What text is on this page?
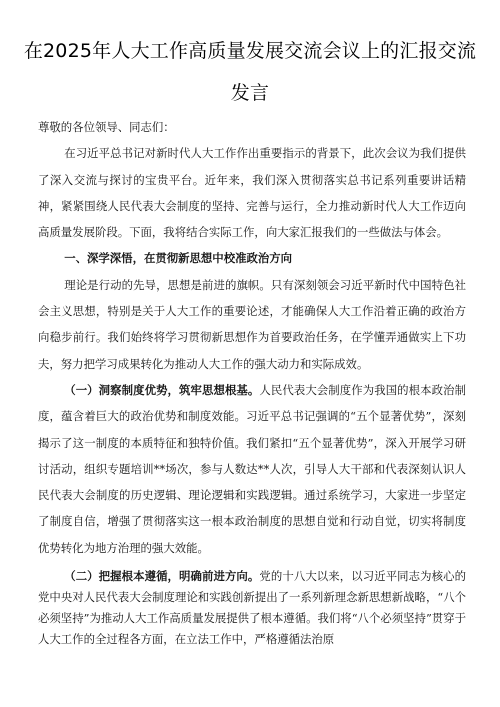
在2025年人大工作高质量发展交流会议上的汇报交流
发言

尊敬的各位领导、同志们：

在习近平总书记对新时代人大工作作出重要指示的背景下，此次会议为我们提供了深入交流与探讨的宝贵平台。近年来，我们深入贯彻落实总书记系列重要讲话精神，紧紧围绕人民代表大会制度的坚持、完善与运行，全力推动新时代人大工作迈向高质量发展阶段。下面，我将结合实际工作，向大家汇报我们的一些做法与体会。

一、深学深悟，在贯彻新思想中校准政治方向

理论是行动的先导，思想是前进的旗帜。只有深刻领会习近平新时代中国特色社会主义思想，特别是关于人大工作的重要论述，才能确保人大工作沿着正确的政治方向稳步前行。我们始终将学习贯彻新思想作为首要政治任务，在学懂弄通做实上下功夫，努力把学习成果转化为推动人大工作的强大动力和实际成效。

（一）洞察制度优势，筑牢思想根基。人民代表大会制度作为我国的根本政治制度，蕴含着巨大的政治优势和制度效能。习近平总书记强调的“五个显著优势”，深刻揭示了这一制度的本质特征和独特价值。我们紧扣“五个显著优势”，深入开展学习研讨活动，组织专题培训**场次，参与人数达**人次，引导人大干部和代表深刻认识人民代表大会制度的历史逻辑、理论逻辑和实践逻辑。通过系统学习，大家进一步坚定了制度自信，增强了贯彻落实这一根本政治制度的思想自觉和行动自觉，切实将制度优势转化为地方治理的强大效能。

（二）把握根本遵循，明确前进方向。党的十八大以来，以习近平同志为核心的党中央对人民代表大会制度理论和实践创新提出了一系列新理念新思想新战略，“八个必须坚持”为推动人大工作高质量发展提供了根本遵循。我们将“八个必须坚持”贯穿于人大工作的全过程各方面，在立法工作中，严格遵循法治原
